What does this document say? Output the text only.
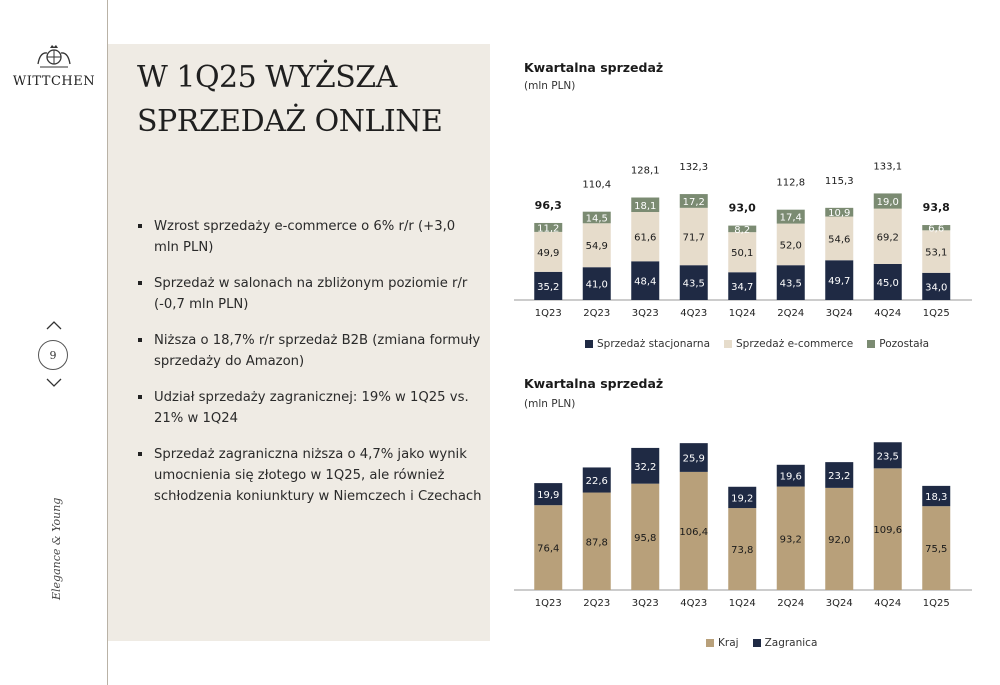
WITTCHEN
9
Elegance & Young
W 1Q25 WYŻSZA
SPRZEDAŻ ONLINE
Wzrost sprzedaży e-commerce o 6% r/r (+3,0 mln PLN)
Sprzedaż w salonach na zbliżonym poziomie r/r (-0,7 mln PLN)
Niższa o 18,7% r/r sprzedaż B2B (zmiana formuły sprzedaży do Amazon)
Udział sprzedaży zagranicznej: 19% w 1Q25 vs. 21% w 1Q24
Sprzedaż zagraniczna niższa o 4,7% jako wynik umocnienia się złotego w 1Q25, ale również schłodzenia koniunktury w Niemczech i Czechach
Kwartalna sprzedaż
(mln PLN)
35,2
49,9
11,2
96,3
1Q23
41,0
54,9
14,5
110,4
2Q23
48,4
61,6
18,1
128,1
3Q23
43,5
71,7
17,2
132,3
4Q23
34,7
50,1
8,2
93,0
1Q24
43,5
52,0
17,4
112,8
2Q24
49,7
54,6
10,9
115,3
3Q24
45,0
69,2
19,0
133,1
4Q24
34,0
53,1
6,6
93,8
1Q25
Sprzedaż stacjonarna Sprzedaż e-commerce Pozostała
Kwartalna sprzedaż
(mln PLN)
76,4
19,9
1Q23
87,8
22,6
2Q23
95,8
32,2
3Q23
106,4
25,9
4Q23
73,8
19,2
1Q24
93,2
19,6
2Q24
92,0
23,2
3Q24
109,6
23,5
4Q24
75,5
18,3
1Q25
Kraj Zagranica
